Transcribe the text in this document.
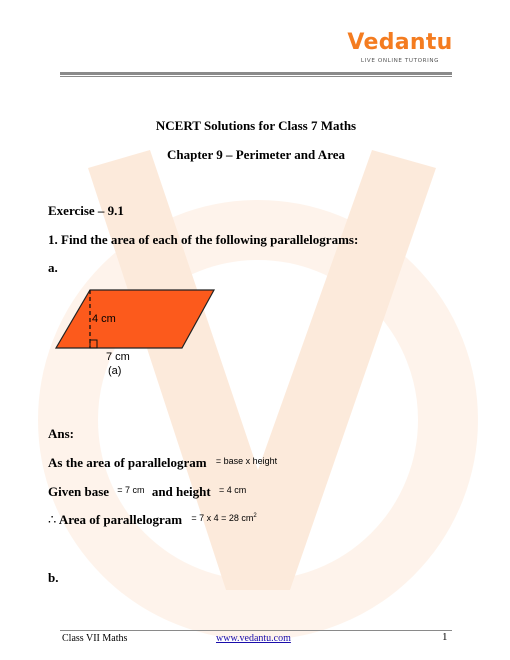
Vedantu
LIVE ONLINE TUTORING
NCERT Solutions for Class 7 Maths
Chapter 9 – Perimeter and Area
Exercise – 9.1
1. Find the area of each of the following parallelograms:
a.
4 cm
7 cm
(a)
Ans:
As the area of parallelogram $^{= base x height}$
Given base $^{= 7 cm}$ and height $^{= 4 cm}$
∴ Area of parallelogram $^{= 7 x 4 = 28 cm^2}$
b.
Class VII Maths	www.vedantu.com	1
